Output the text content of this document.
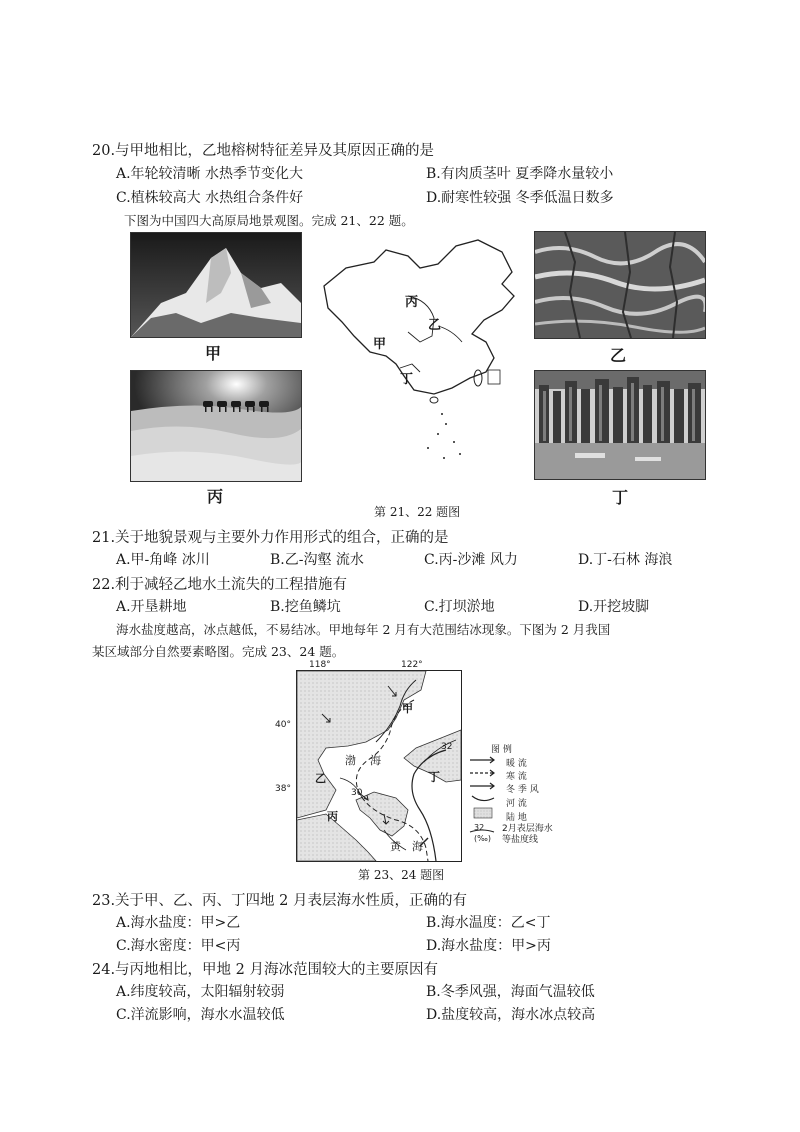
20.与甲地相比，乙地榕树特征差异及其原因正确的是
A.年轮较清晰 水热季节变化大	B.有肉质茎叶 夏季降水量较小
C.植株较高大 水热组合条件好	D.耐寒性较强 冬季低温日数多
下图为中国四大高原局地景观图。完成 21、22 题。
甲	乙
丙	丁
丙
乙
甲
丁
第 21、22 题图
21.关于地貌景观与主要外力作用形式的组合，正确的是
A.甲-角峰 冰川	B.乙-沟壑 流水	C.丙-沙滩 风力	D.丁-石林 海浪
22.利于减轻乙地水土流失的工程措施有
A.开垦耕地	B.挖鱼鳞坑	C.打坝淤地	D.开挖坡脚
海水盐度越高，冰点越低，不易结冰。甲地每年 2 月有大范围结冰现象。下图为 2 月我国
某区域部分自然要素略图。完成 23、24 题。
118°	122°
40°
38°
甲
乙
丙
丁
渤 海
黄 海
32
30
图 例
暖 流
寒 流
冬 季 风
河 流
陆 地
32
(‰)
2月表层海水
等盐度线
第 23、24 题图
23.关于甲、乙、丙、丁四地 2 月表层海水性质，正确的有
A.海水盐度：甲>乙	B.海水温度：乙<丁
C.海水密度：甲<丙	D.海水盐度：甲>丙
24.与丙地相比，甲地 2 月海冰范围较大的主要原因有
A.纬度较高，太阳辐射较弱	B.冬季风强，海面气温较低
C.洋流影响，海水水温较低	D.盐度较高，海水冰点较高
